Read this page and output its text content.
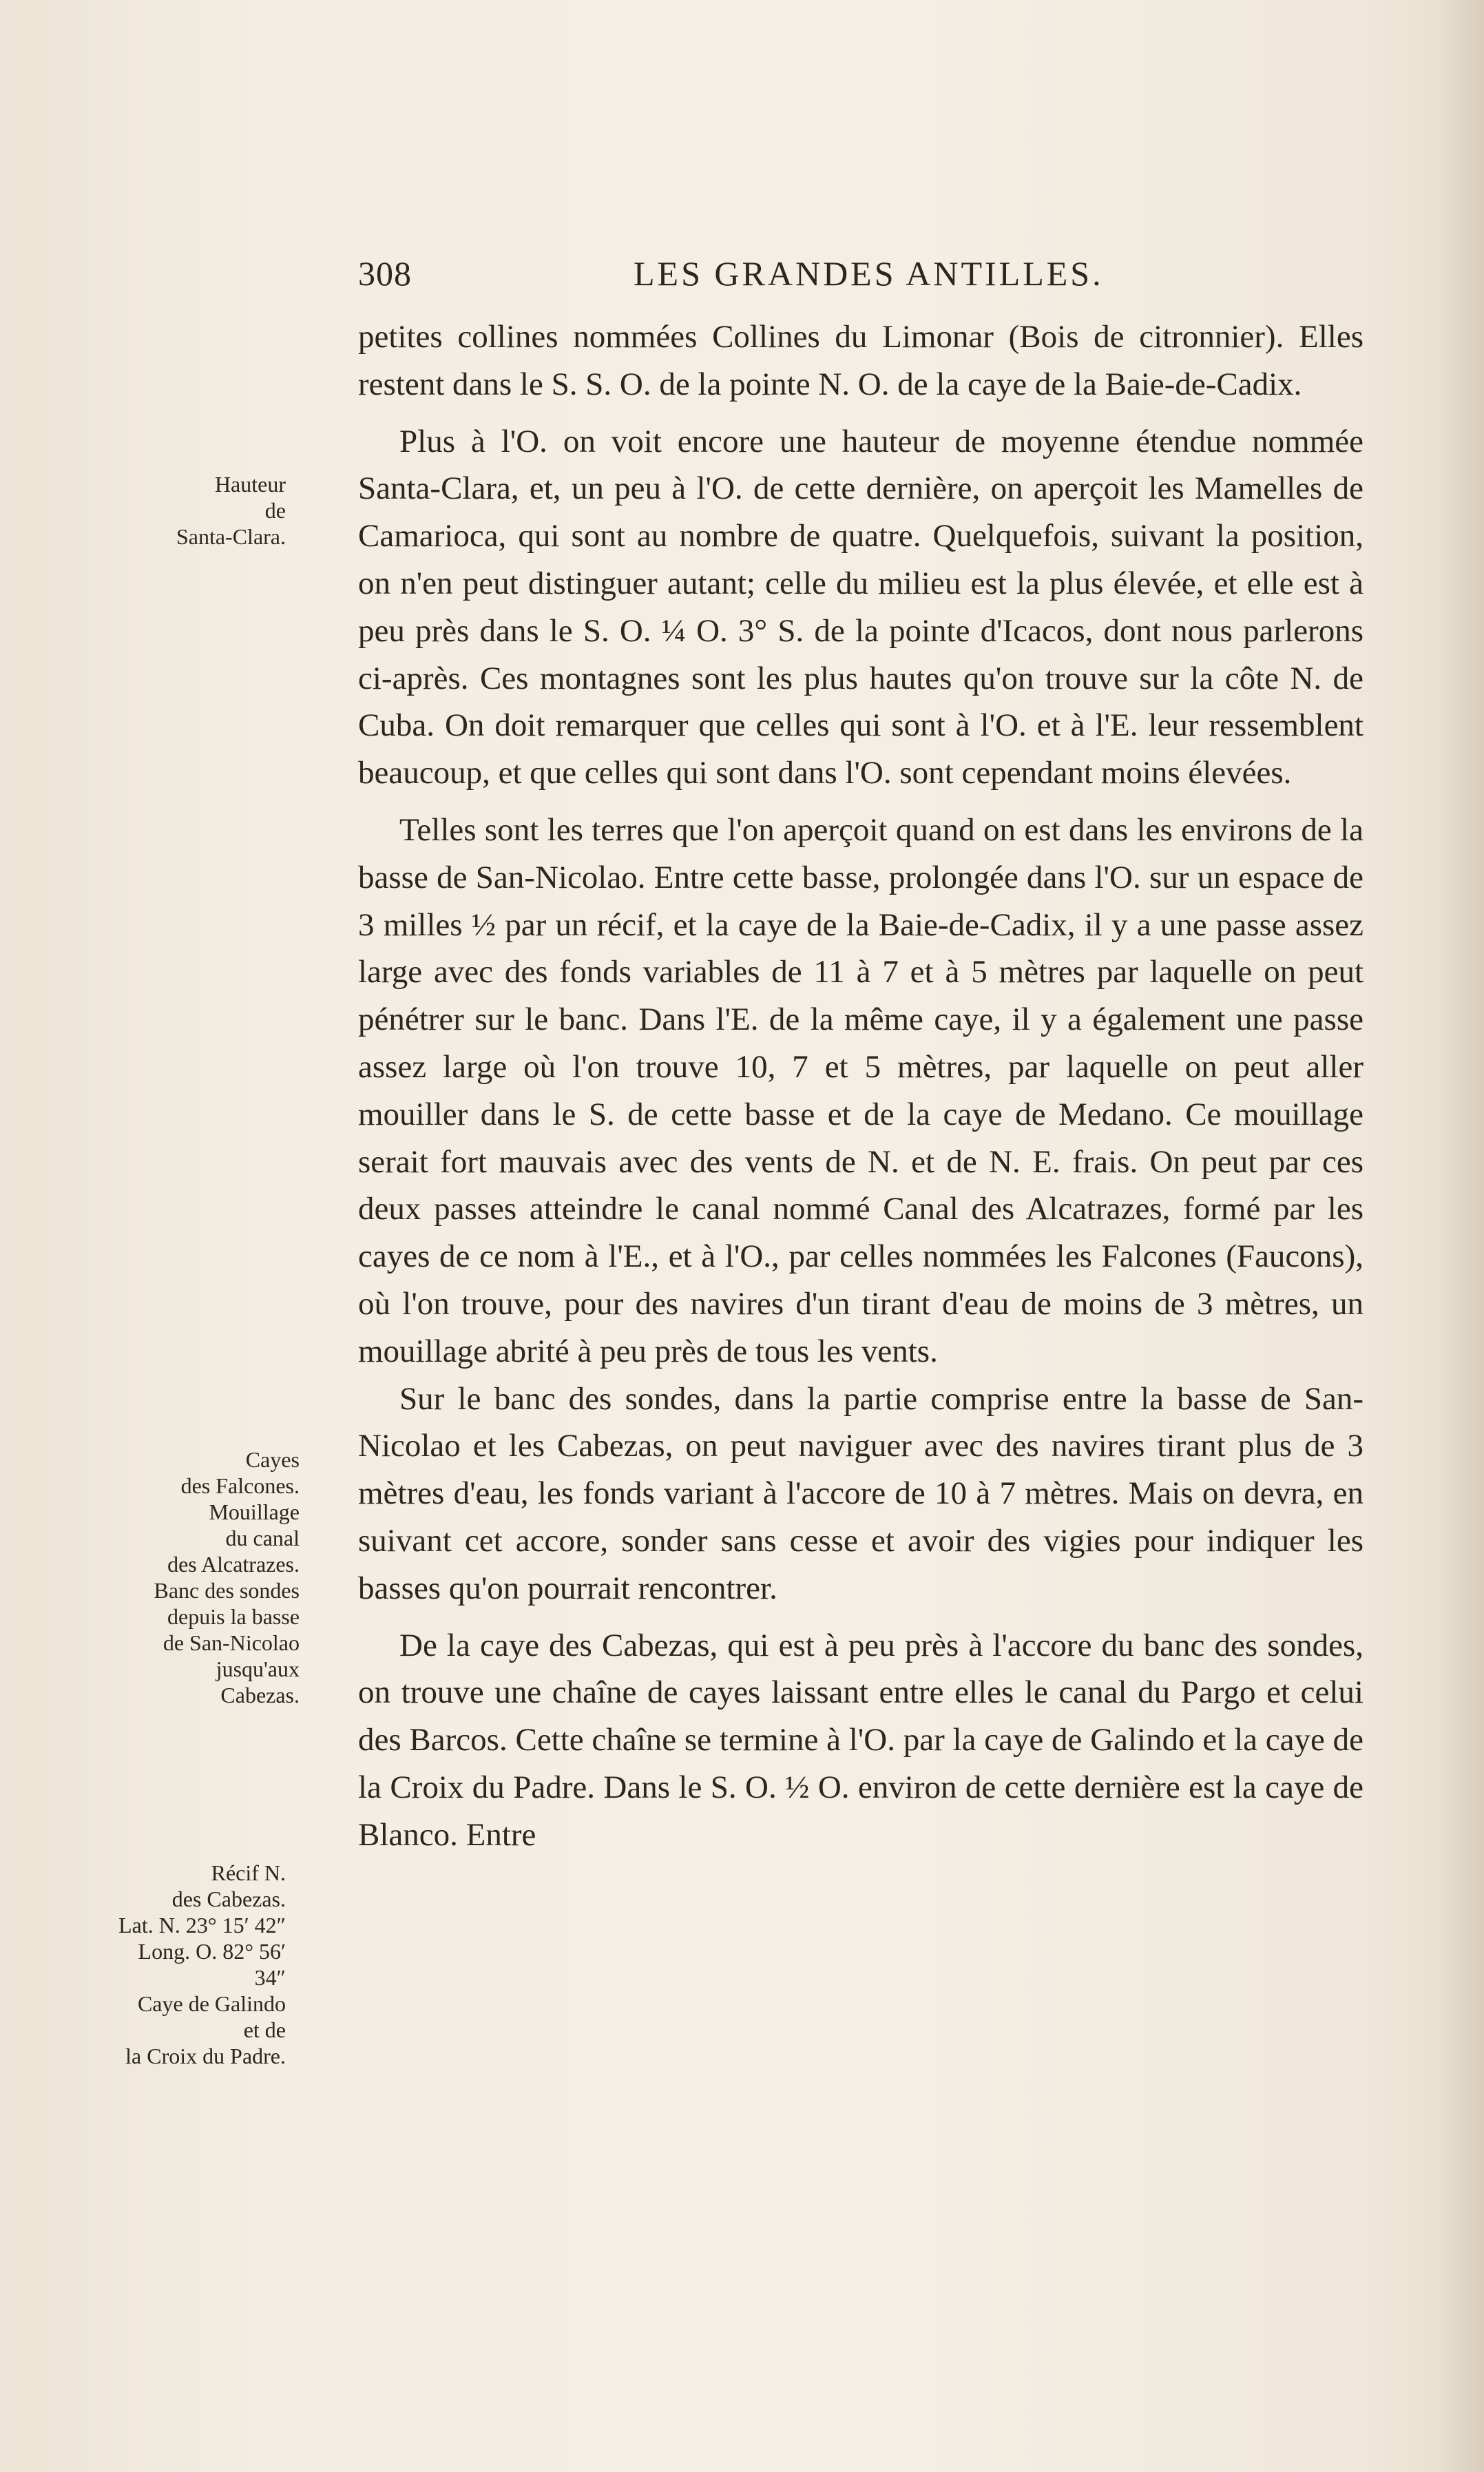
308	LES GRANDES ANTILLES.

petites collines nommées Collines du Limonar (Bois de citronnier). Elles restent dans le S. S. O. de la pointe N. O. de la caye de la Baie-de-Cadix.

Plus à l'O. on voit encore une hauteur de moyenne étendue nommée Santa-Clara, et, un peu à l'O. de cette dernière, on aperçoit les Mamelles de Camarioca, qui sont au nombre de quatre. Quelquefois, suivant la position, on n'en peut distinguer autant; celle du milieu est la plus élevée, et elle est à peu près dans le S. O. ¼ O. 3° S. de la pointe d'Icacos, dont nous parlerons ci-après. Ces montagnes sont les plus hautes qu'on trouve sur la côte N. de Cuba. On doit remarquer que celles qui sont à l'O. et à l'E. leur ressemblent beaucoup, et que celles qui sont dans l'O. sont cependant moins élevées.

Telles sont les terres que l'on aperçoit quand on est dans les environs de la basse de San-Nicolao. Entre cette basse, prolongée dans l'O. sur un espace de 3 milles ½ par un récif, et la caye de la Baie-de-Cadix, il y a une passe assez large avec des fonds variables de 11 à 7 et à 5 mètres par laquelle on peut pénétrer sur le banc. Dans l'E. de la même caye, il y a également une passe assez large où l'on trouve 10, 7 et 5 mètres, par laquelle on peut aller mouiller dans le S. de cette basse et de la caye de Medano. Ce mouillage serait fort mauvais avec des vents de N. et de N. E. frais. On peut par ces deux passes atteindre le canal nommé Canal des Alcatrazes, formé par les cayes de ce nom à l'E., et à l'O., par celles nommées les Falcones (Faucons), où l'on trouve, pour des navires d'un tirant d'eau de moins de 3 mètres, un mouillage abrité à peu près de tous les vents.

Sur le banc des sondes, dans la partie comprise entre la basse de San-Nicolao et les Cabezas, on peut naviguer avec des navires tirant plus de 3 mètres d'eau, les fonds variant à l'accore de 10 à 7 mètres. Mais on devra, en suivant cet accore, sonder sans cesse et avoir des vigies pour indiquer les basses qu'on pourrait rencontrer.

De la caye des Cabezas, qui est à peu près à l'accore du banc des sondes, on trouve une chaîne de cayes laissant entre elles le canal du Pargo et celui des Barcos. Cette chaîne se termine à l'O. par la caye de Galindo et la caye de la Croix du Padre. Dans le S. O. ½ O. environ de cette dernière est la caye de Blanco. Entre

Hauteur
de
Santa-Clara.
Cayes
des Falcones.
Mouillage
du canal
des Alcatrazes.
Banc des sondes
depuis la basse
de San-Nicolao
jusqu'aux
Cabezas.
Récif N.
des Cabezas.
Lat. N. 23° 15′ 42″
Long. O. 82° 56′ 34″
Caye de Galindo
et de
la Croix du Padre.
